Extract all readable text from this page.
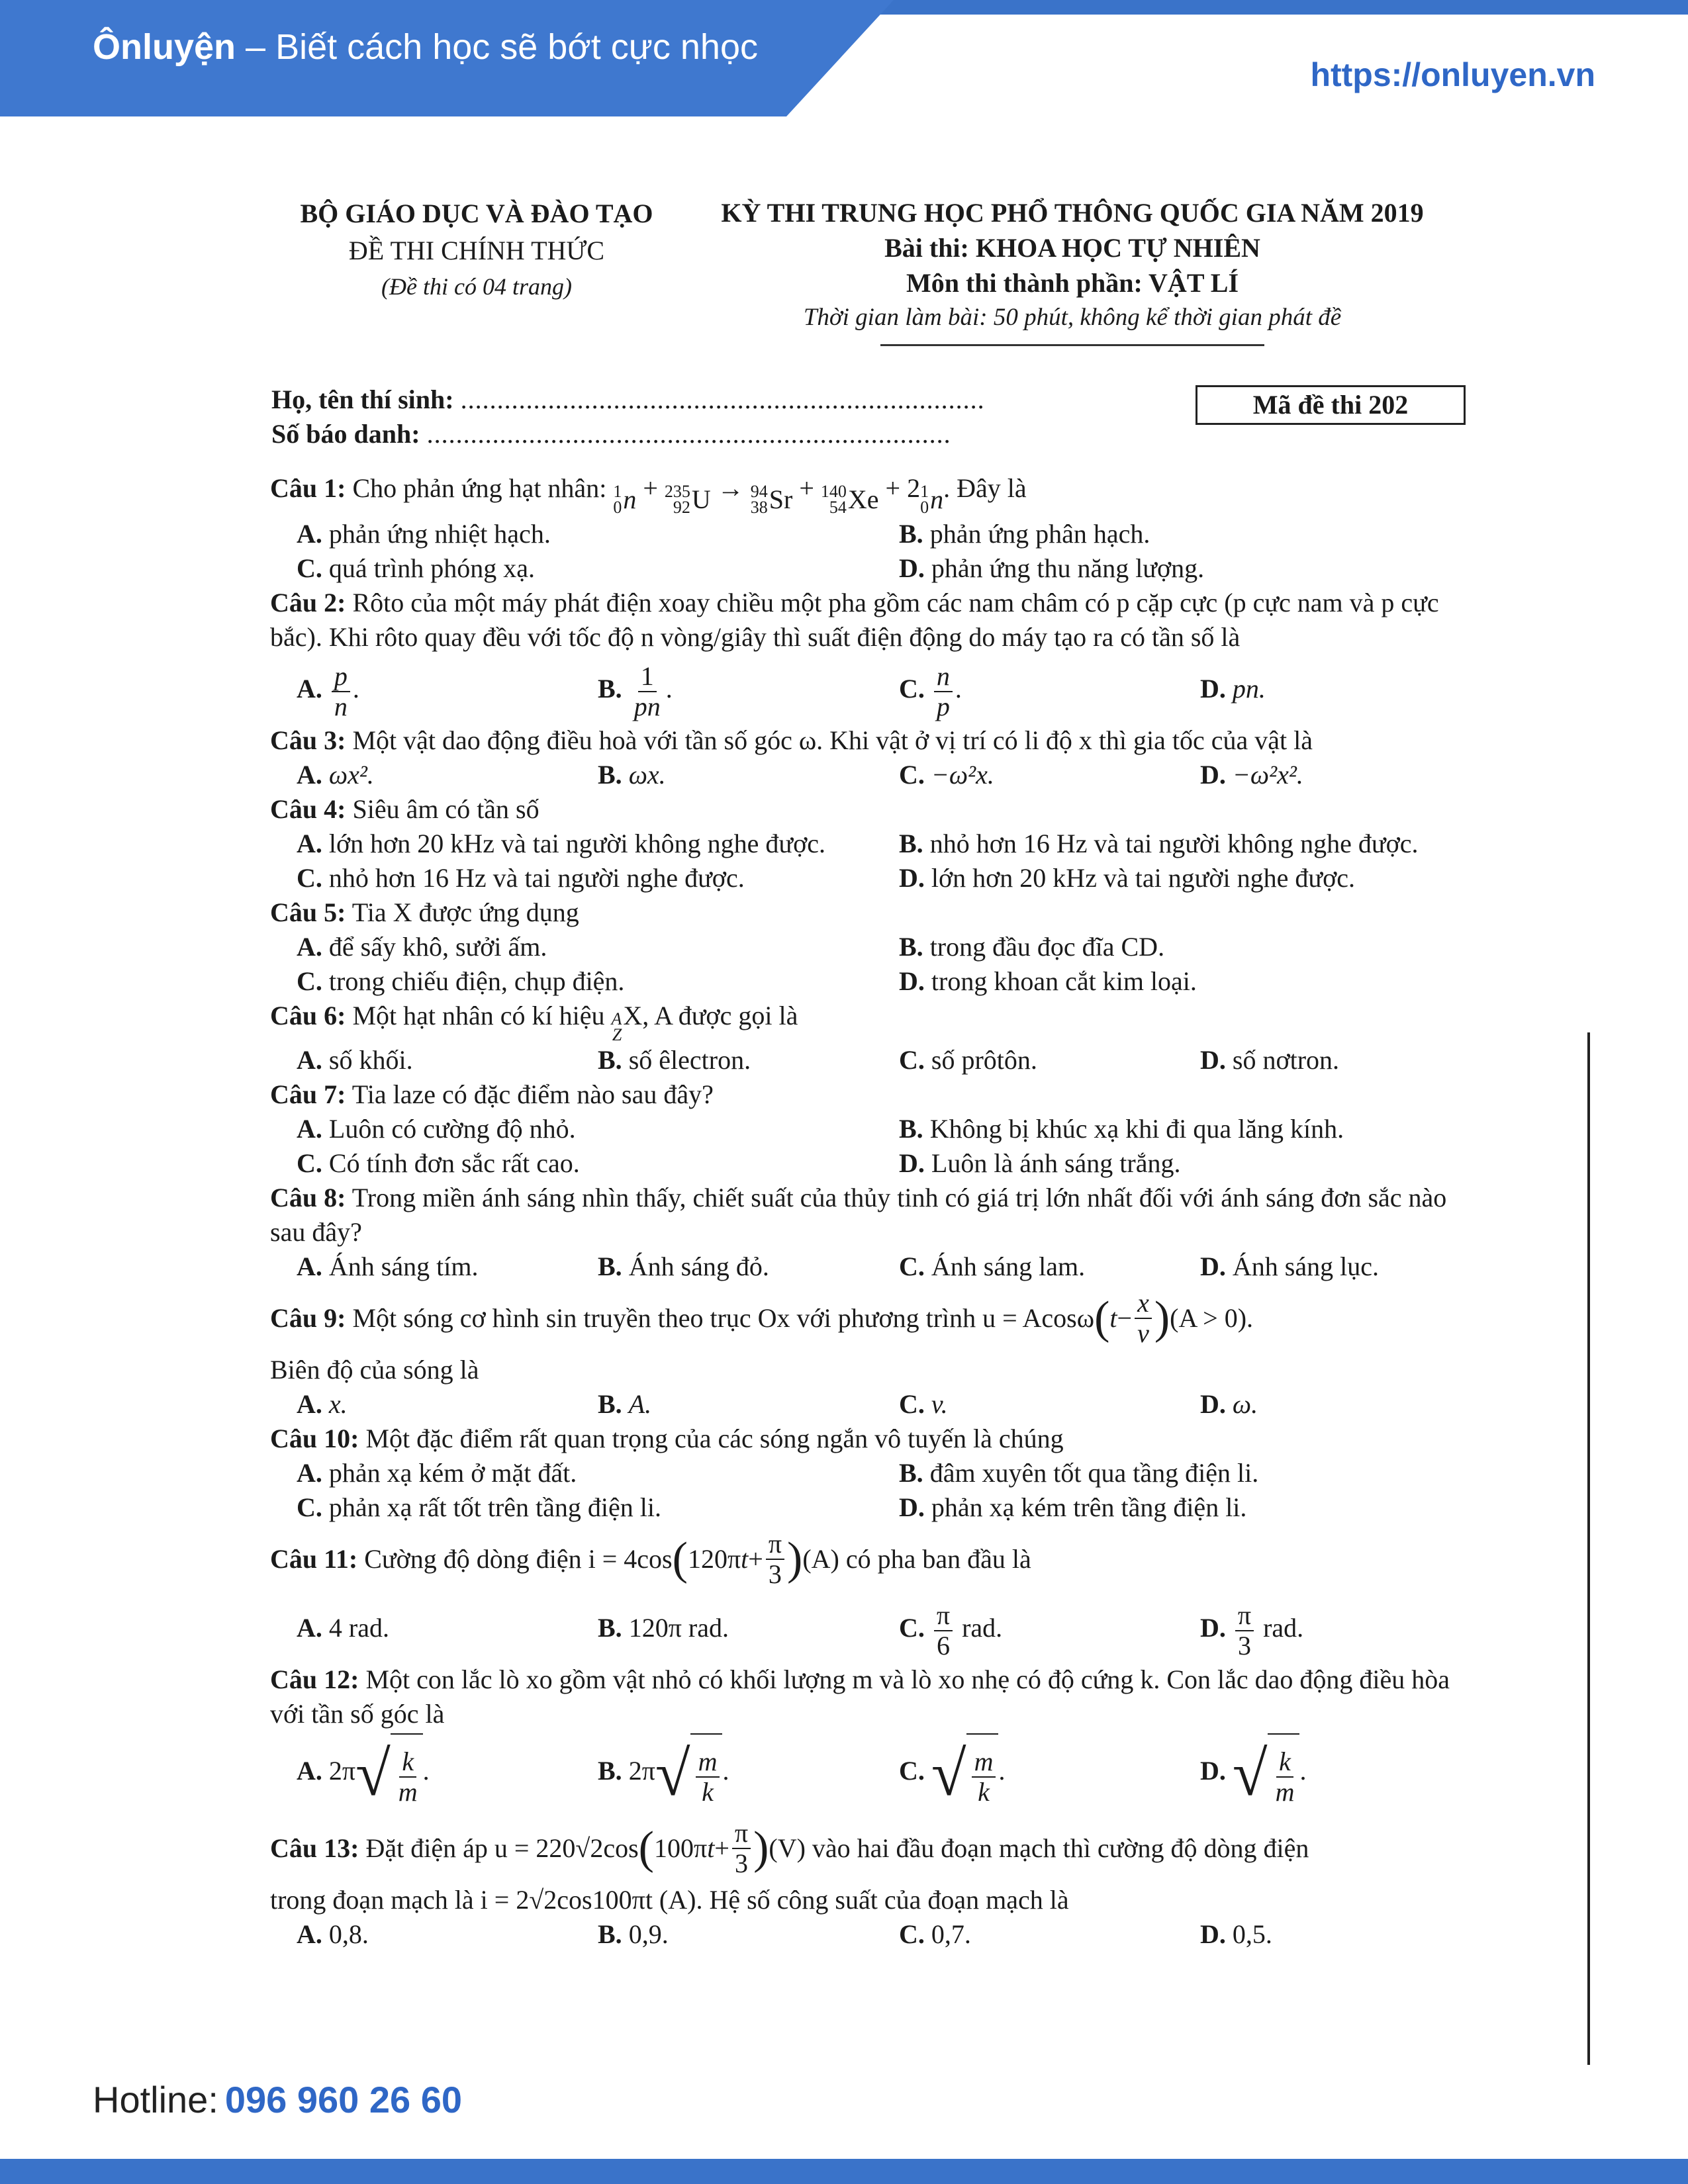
Ônluyện – Biết cách học sẽ bớt cực nhọc
https://onluyen.vn
BỘ GIÁO DỤC VÀ ĐÀO TẠO
ĐỀ THI CHÍNH THỨC
(Đề thi có 04 trang)
KỲ THI TRUNG HỌC PHỔ THÔNG QUỐC GIA NĂM 2019
Bài thi: KHOA HỌC TỰ NHIÊN
Môn thi thành phần: VẬT LÍ
Thời gian làm bài: 50 phút, không kể thời gian phát đề
Họ, tên thí sinh: ........................................................................
Số báo danh: ........................................................................
Mã đề thi 202
Câu 1: Cho phản ứng hạt nhân: 1
0 n + 235
92 U → 94
38 Sr + 140
54 Xe + 2 1
0 n . Đây là
A. phản ứng nhiệt hạch.	B. phản ứng phân hạch.
C. quá trình phóng xạ.	D. phản ứng thu năng lượng.
Câu 2: Rôto của một máy phát điện xoay chiều một pha gồm các nam châm có p cặp cực (p cực nam và p cực bắc). Khi rôto quay đều với tốc độ n vòng/giây thì suất điện động do máy tạo ra có tần số là
A. $\frac{p}{n}$ .	B. $\frac{1}{pn}$ .	C. $\frac{n}{p}$ .	D. pn.
Câu 3: Một vật dao động điều hoà với tần số góc ω. Khi vật ở vị trí có li độ x thì gia tốc của vật là
A. ωx².	B. ωx.	C. −ω²x.	D. −ω²x².
Câu 4: Siêu âm có tần số
A. lớn hơn 20 kHz và tai người không nghe được.	B. nhỏ hơn 16 Hz và tai người không nghe được.
C. nhỏ hơn 16 Hz và tai người nghe được.	D. lớn hơn 20 kHz và tai người nghe được.
Câu 5: Tia X được ứng dụng
A. để sấy khô, sưởi ấm.	B. trong đầu đọc đĩa CD.
C. trong chiếu điện, chụp điện.	D. trong khoan cắt kim loại.
Câu 6: Một hạt nhân có kí hiệu A
Z
X, A được gọi là
A. số khối.	B. số êlectron.	C. số prôtôn.	D. số nơtron.
Câu 7: Tia laze có đặc điểm nào sau đây?
A. Luôn có cường độ nhỏ.	B. Không bị khúc xạ khi đi qua lăng kính.
C. Có tính đơn sắc rất cao.	D. Luôn là ánh sáng trắng.
Câu 8: Trong miền ánh sáng nhìn thấy, chiết suất của thủy tinh có giá trị lớn nhất đối với ánh sáng đơn sắc nào sau đây?
A. Ánh sáng tím.	B. Ánh sáng đỏ.	C. Ánh sáng lam.	D. Ánh sáng lục.
Câu 9: Một sóng cơ hình sin truyền theo trục Ox với phương trình u = Acosω ( $t - \frac{x}{v}$ ) (A > 0).
Biên độ của sóng là
A. x.	B. A.	C. v.	D. ω.
Câu 10: Một đặc điểm rất quan trọng của các sóng ngắn vô tuyến là chúng
A. phản xạ kém ở mặt đất.	B. đâm xuyên tốt qua tầng điện li.
C. phản xạ rất tốt trên tầng điện li.	D. phản xạ kém trên tầng điện li.
Câu 11: Cường độ dòng điện i = 4cos ( 120π $t + \frac{\pi}{3}$ ) (A) có pha ban đầu là
A. 4 rad.	B. 120π rad.	C. $\frac{\pi}{6}$ rad.	D. $\frac{\pi}{3}$ rad.
Câu 12: Một con lắc lò xo gồm vật nhỏ có khối lượng m và lò xo nhẹ có độ cứng k. Con lắc dao động điều hòa với tần số góc là
A. 2π √ $\frac{k}{m}$ .	B. 2π √ $\frac{m}{k}$ .	C. √ $\frac{m}{k}$ .	D. √ $\frac{k}{m}$ .
Câu 13: Đặt điện áp u = 220√2cos ( 100π $t + \frac{\pi}{3}$ ) (V) vào hai đầu đoạn mạch thì cường độ dòng điện
trong đoạn mạch là i = 2√2cos100πt (A). Hệ số công suất của đoạn mạch là
A. 0,8.	B. 0,9.	C. 0,7.	D. 0,5.
Hotline: 096 960 26 60
